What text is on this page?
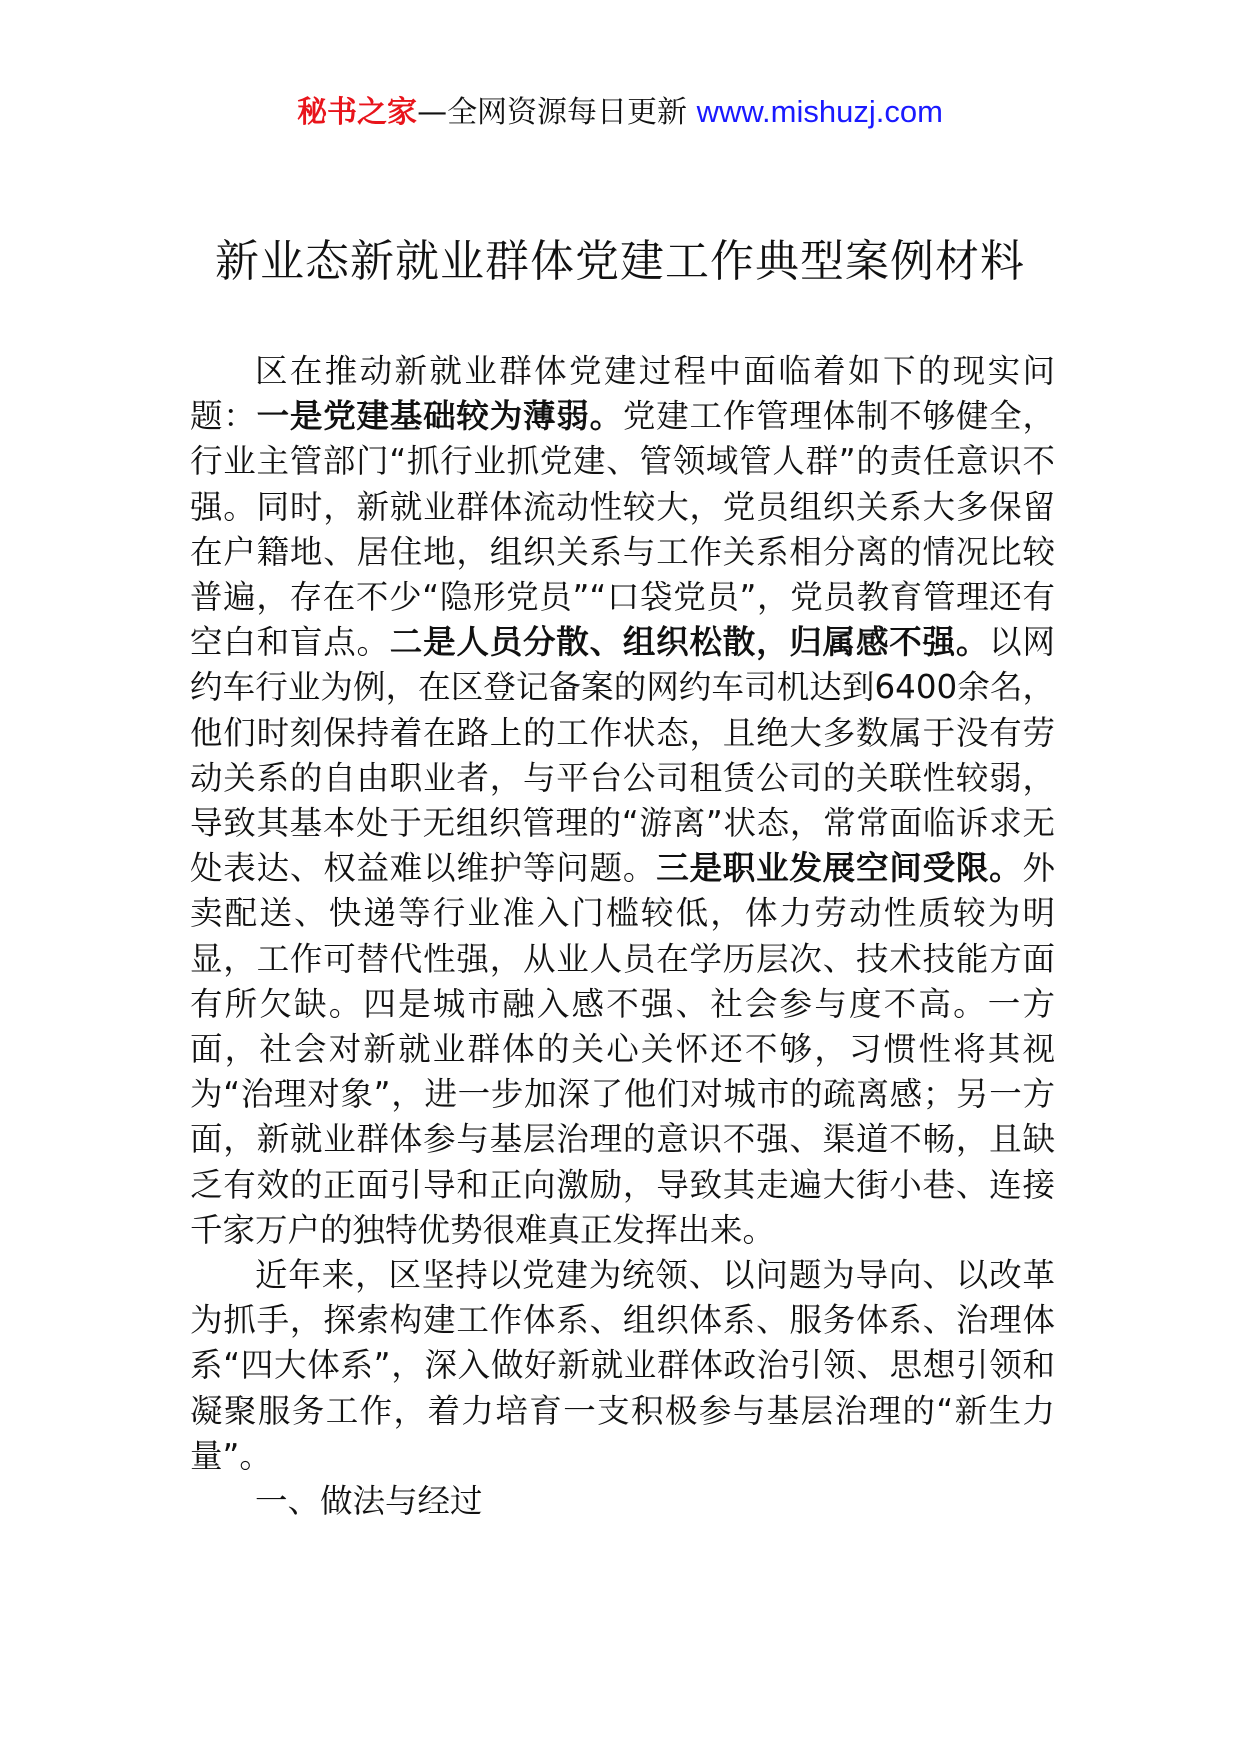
秘书之家—全网资源每日更新 www.mishuzj.com
新业态新就业群体党建工作典型案例材料

区在推动新就业群体党建过程中面临着如下的现实问题：一是党建基础较为薄弱。党建工作管理体制不够健全，行业主管部门“抓行业抓党建、管领域管人群”的责任意识不强。同时，新就业群体流动性较大，党员组织关系大多保留在户籍地、居住地，组织关系与工作关系相分离的情况比较普遍，存在不少“隐形党员”“口袋党员”，党员教育管理还有空白和盲点。二是人员分散、组织松散，归属感不强。以网约车行业为例，在区登记备案的网约车司机达到6400余名，他们时刻保持着在路上的工作状态，且绝大多数属于没有劳动关系的自由职业者，与平台公司租赁公司的关联性较弱，导致其基本处于无组织管理的“游离”状态，常常面临诉求无处表达、权益难以维护等问题。三是职业发展空间受限。外卖配送、快递等行业准入门槛较低，体力劳动性质较为明显，工作可替代性强，从业人员在学历层次、技术技能方面有所欠缺。四是城市融入感不强、社会参与度不高。一方面，社会对新就业群体的关心关怀还不够，习惯性将其视为“治理对象”，进一步加深了他们对城市的疏离感；另一方面，新就业群体参与基层治理的意识不强、渠道不畅，且缺乏有效的正面引导和正向激励，导致其走遍大街小巷、连接千家万户的独特优势很难真正发挥出来。

近年来，区坚持以党建为统领、以问题为导向、以改革为抓手，探索构建工作体系、组织体系、服务体系、治理体系“四大体系”，深入做好新就业群体政治引领、思想引领和凝聚服务工作，着力培育一支积极参与基层治理的“新生力量”。

一、做法与经过
